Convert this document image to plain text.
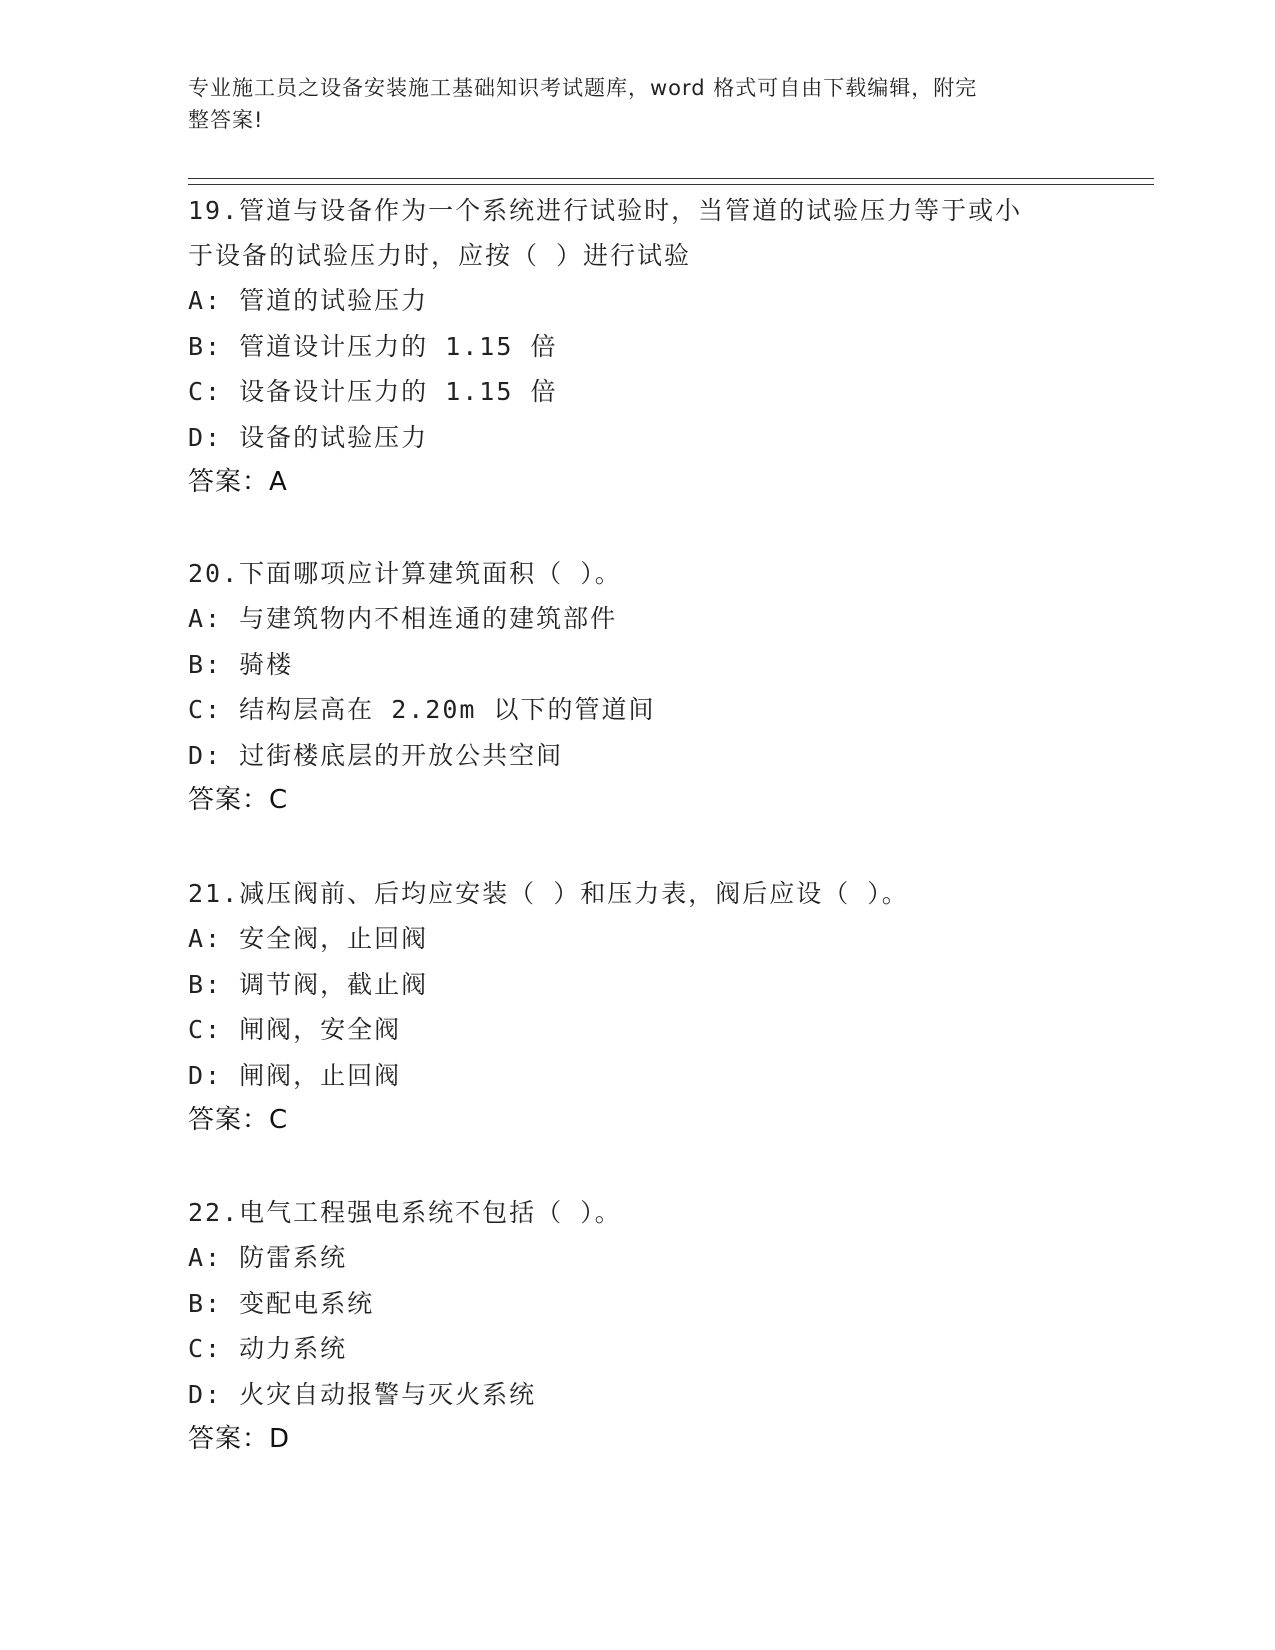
专业施工员之设备安装施工基础知识考试题库，word 格式可自由下载编辑，附完
整答案!

19.管道与设备作为一个系统进行试验时，当管道的试验压力等于或小

于设备的试验压力时，应按（ ）进行试验

A: 管道的试验压力

B: 管道设计压力的 1.15 倍

C: 设备设计压力的 1.15 倍

D: 设备的试验压力

答案：A

20.下面哪项应计算建筑面积（ ）。

A: 与建筑物内不相连通的建筑部件

B: 骑楼

C: 结构层高在 2.20m 以下的管道间

D: 过街楼底层的开放公共空间

答案：C

21.减压阀前、后均应安装（ ）和压力表，阀后应设（ ）。

A: 安全阀，止回阀

B: 调节阀，截止阀

C: 闸阀，安全阀

D: 闸阀，止回阀

答案：C

22.电气工程强电系统不包括（ ）。

A: 防雷系统

B: 变配电系统

C: 动力系统

D: 火灾自动报警与灭火系统

答案：D
